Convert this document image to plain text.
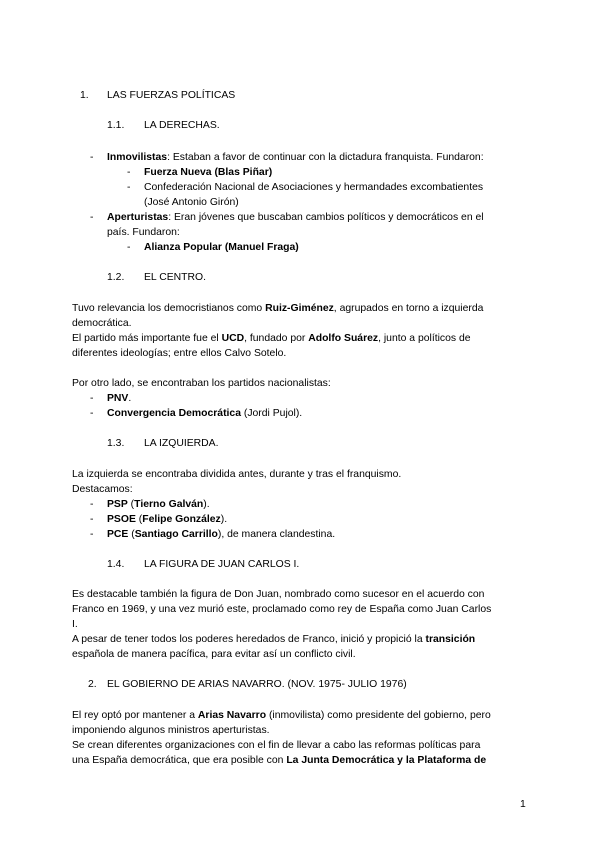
1. LAS FUERZAS POLÍTICAS
1.1. LA DERECHAS.
- Inmovilistas: Estaban a favor de continuar con la dictadura franquista. Fundaron:
- Fuerza Nueva (Blas Piñar)
- Confederación Nacional de Asociaciones y hermandades excombatientes
(José Antonio Girón)
- Aperturistas: Eran jóvenes que buscaban cambios políticos y democráticos en el
país. Fundaron:
- Alianza Popular (Manuel Fraga)
1.2. EL CENTRO.
Tuvo relevancia los democristianos como Ruiz-Giménez, agrupados en torno a izquierda
democrática.
El partido más importante fue el UCD, fundado por Adolfo Suárez, junto a políticos de
diferentes ideologías; entre ellos Calvo Sotelo.
Por otro lado, se encontraban los partidos nacionalistas:
- PNV.
- Convergencia Democrática (Jordi Pujol).
1.3. LA IZQUIERDA.
La izquierda se encontraba dividida antes, durante y tras el franquismo.
Destacamos:
- PSP (Tierno Galván).
- PSOE (Felipe González).
- PCE (Santiago Carrillo), de manera clandestina.
1.4. LA FIGURA DE JUAN CARLOS I.
Es destacable también la figura de Don Juan, nombrado como sucesor en el acuerdo con
Franco en 1969, y una vez murió este, proclamado como rey de España como Juan Carlos
I.
A pesar de tener todos los poderes heredados de Franco, inició y propició la transición
española de manera pacífica, para evitar así un conflicto civil.
2. EL GOBIERNO DE ARIAS NAVARRO. (NOV. 1975- JULIO 1976)
El rey optó por mantener a Arias Navarro (inmovilista) como presidente del gobierno, pero
imponiendo algunos ministros aperturistas.
Se crean diferentes organizaciones con el fin de llevar a cabo las reformas políticas para
una España democrática, que era posible con La Junta Democrática y la Plataforma de
1
